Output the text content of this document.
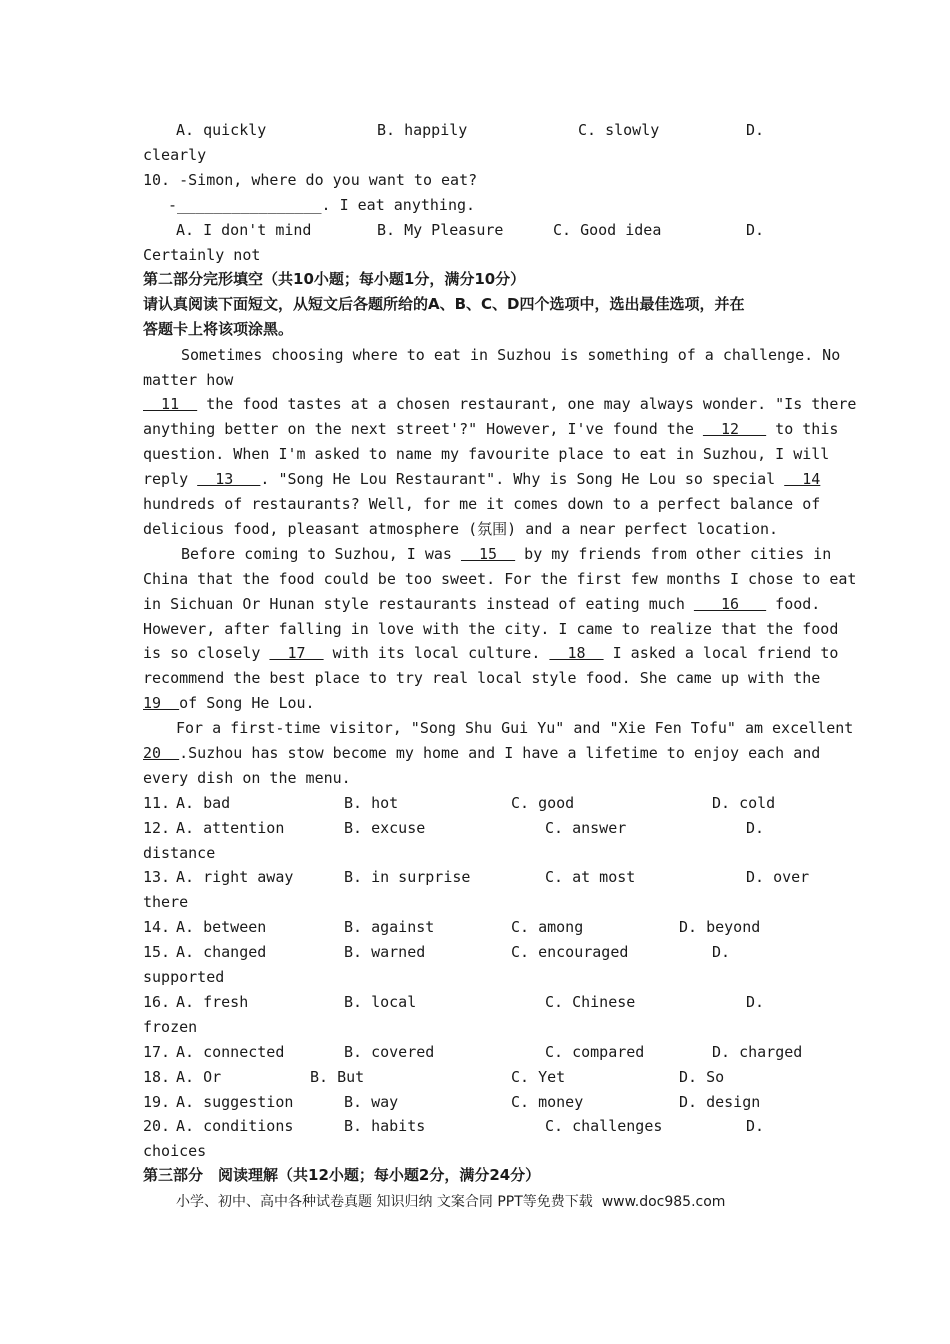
A. quickly	B. happily	C. slowly	D.
clearly
10. -Simon, where do you want to eat?
-________________. I eat anything.
A. I don't mind	B. My Pleasure	C. Good idea	D.
Certainly not
第二部分完形填空（共10小题；每小题1分，满分10分）
请认真阅读下面短文，从短文后各题所给的A、B、C、D四个选项中，选出最佳选项，并在
答题卡上将该项涂黑。
Sometimes choosing where to eat in Suzhou is something of a challenge. No
matter how
11   the food tastes at a chosen restaurant, one may always wonder. "Is there
anything better on the next street'?" However, I've found the   12    to this
question. When I'm asked to name my favourite place to eat in Suzhou, I will
reply   13   . "Song He Lou Restaurant". Why is Song He Lou so special   14
hundreds of restaurants? Well, for me it comes down to a perfect balance of
delicious food, pleasant atmosphere (氛围) and a near perfect location.
Before coming to Suzhou, I was   15   by my friends from other cities in
China that the food could be too sweet. For the first few months I chose to eat
in Sichuan Or Hunan style restaurants instead of eating much    16    food.
However, after falling in love with the city. I came to realize that the food
is so closely   17   with its local culture.   18   I asked a local friend to
recommend the best place to try real local style food. She came up with the
19  of Song He Lou.
For a first-time visitor, "Song Shu Gui Yu" and "Xie Fen Tofu" am excellent
20  .Suzhou has stow become my home and I have a lifetime to enjoy each and
every dish on the menu.
11. A. bad	B. hot	C. good	D. cold
12. A. attention	B. excuse	C. answer	D.
distance
13. A. right away	B. in surprise	C. at most	D. over
there
14. A. between	B. against	C. among	D. beyond
15. A. changed	B. warned	C. encouraged	D.
supported
16. A. fresh	B. local	C. Chinese	D.
frozen
17. A. connected	B. covered	C. compared	D. charged
18. A. Or	B. But	C. Yet	D. So
19. A. suggestion	B. way	C. money	D. design
20. A. conditions	B. habits	C. challenges	D.
choices
第三部分　阅读理解（共12小题；每小题2分，满分24分）
小学、初中、高中各种试卷真题 知识归纳 文案合同 PPT等免费下载 www.doc985.com
